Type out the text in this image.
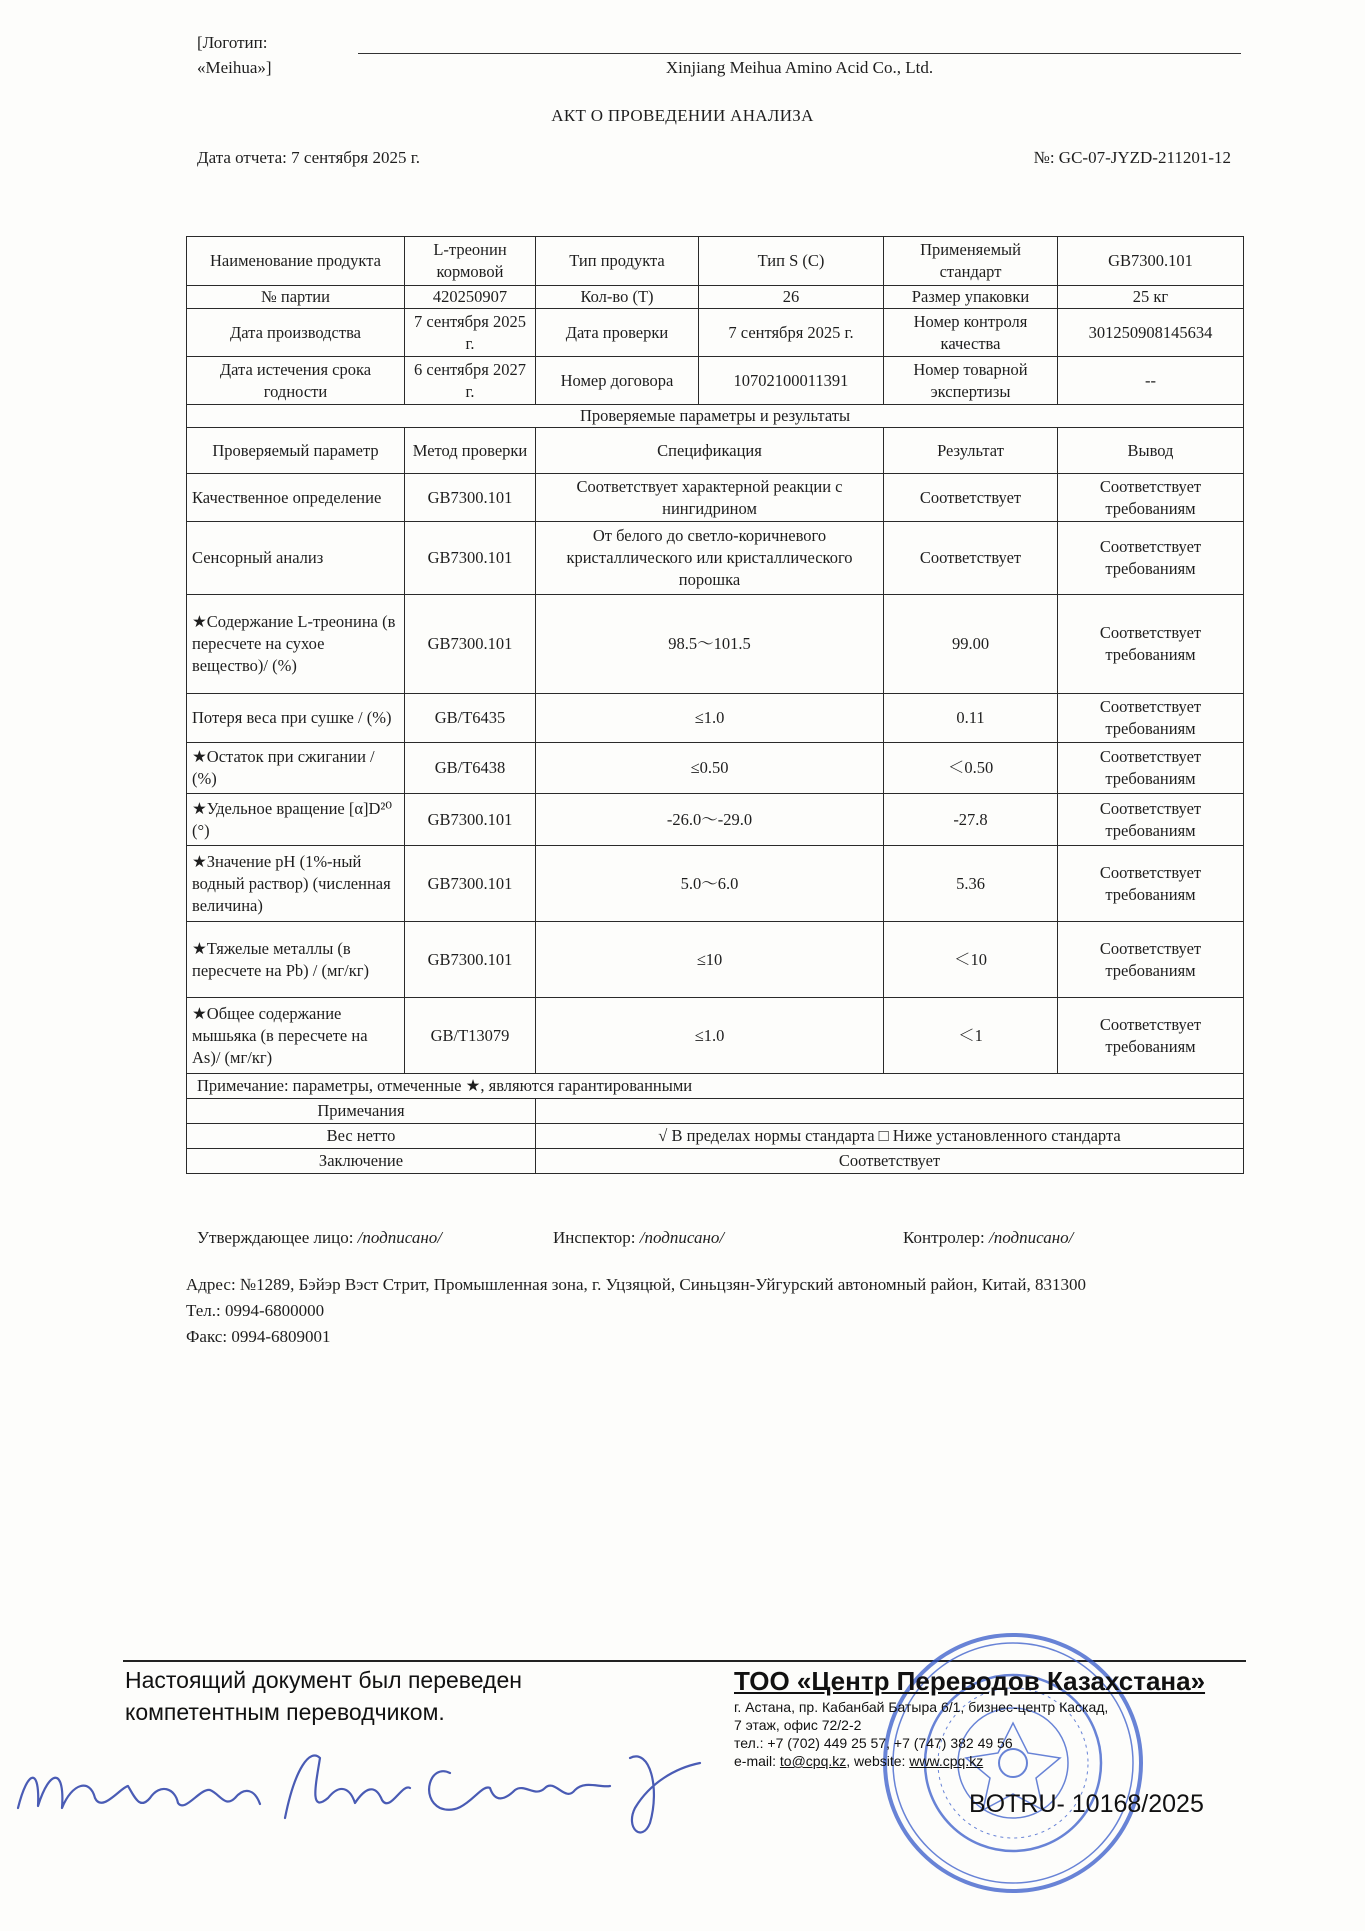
[Логотип:
«Meihua»]	Xinjiang Meihua Amino Acid Co., Ltd.
АКТ О ПРОВЕДЕНИИ АНАЛИЗА
Дата отчета: 7 сентября 2025 г.	№: GC-07-JYZD-211201-12
Наименование продукта	L-треонин кормовой	Тип продукта	Тип S (C)	Применяемый стандарт	GB7300.101
№ партии	420250907	Кол-во (Т)	26	Размер упаковки	25 кг
Дата производства	7 сентября 2025 г.	Дата проверки	7 сентября 2025 г.	Номер контроля качества	301250908145634
Дата истечения срока годности	6 сентября 2027 г.	Номер договора	10702100011391	Номер товарной экспертизы	--
Проверяемые параметры и результаты					
Проверяемый параметр	Метод проверки	Спецификация		Результат	Вывод
Качественное определение	GB7300.101	Соответствует характерной реакции с нингидрином		Соответствует	Соответствует требованиям
Сенсорный анализ	GB7300.101	От белого до светло-коричневого кристаллического или кристаллического порошка		Соответствует	Соответствует требованиям
★Содержание L-треонина (в пересчете на сухое вещество)/ (%)	GB7300.101	98.5～101.5		99.00	Соответствует требованиям
Потеря веса при сушке / (%)	GB/T6435	≤1.0		0.11	Соответствует требованиям
★Остаток при сжигании / (%)	GB/T6438	≤0.50		＜0.50	Соответствует требованиям
★Удельное вращение [α]D²⁰ (°)	GB7300.101	-26.0～-29.0		-27.8	Соответствует требованиям
★Значение pH (1%-ный водный раствор) (численная величина)	GB7300.101	5.0～6.0		5.36	Соответствует требованиям
★Тяжелые металлы (в пересчете на Pb) / (мг/кг)	GB7300.101	≤10		＜10	Соответствует требованиям
★Общее содержание мышьяка (в пересчете на As)/ (мг/кг)	GB/T13079	≤1.0		＜1	Соответствует требованиям
Примечание: параметры, отмеченные ★, являются гарантированными					
Примечания					
Вес нетто		√ В пределах нормы стандарта □ Ниже установленного стандарта			
Заключение		Соответствует			
Утверждающее лицо: /подписано/	Инспектор: /подписано/	Контролер: /подписано/
Адрес: №1289, Бэйэр Вэст Стрит, Промышленная зона, г. Уцзяцюй, Синьцзян-Уйгурский автономный район, Китай, 831300
Тел.: 0994-6800000
Факс: 0994-6809001
Настоящий документ был переведен
компетентным переводчиком.
ТОО «Центр Переводов Казахстана»
г. Астана, пр. Кабанбай Батыра 6/1, бизнес-центр Каскад,
7 этаж, офис 72/2-2
тел.: +7 (702) 449 25 57, +7 (747) 382 49 56
e-mail: to@cpq.kz, website: www.cpq.kz
BOTRU- 10168/2025
